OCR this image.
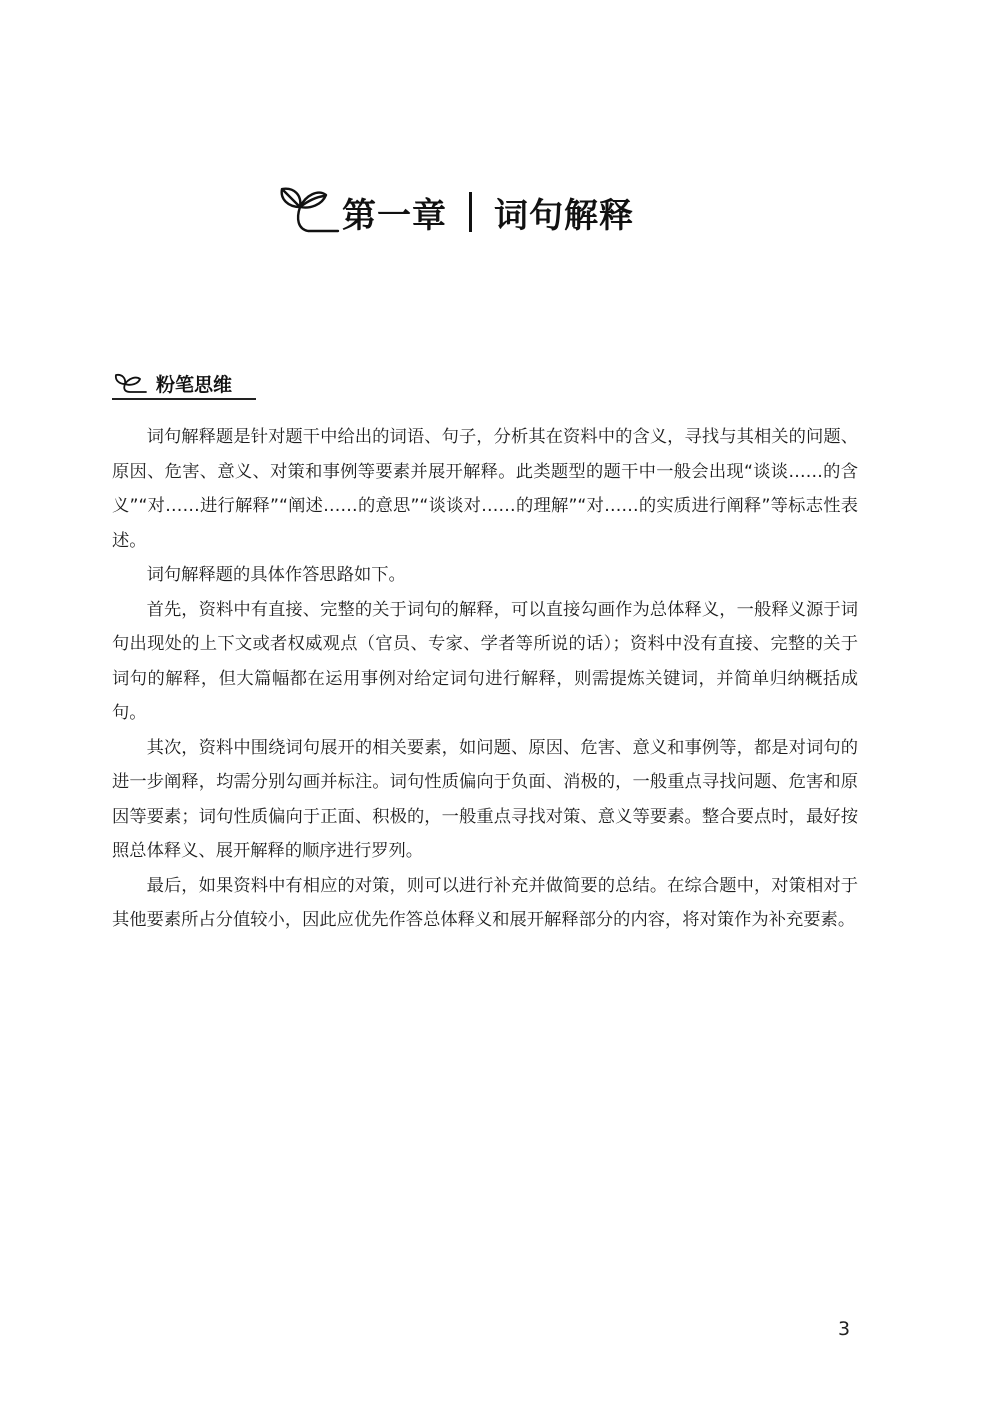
第一章 词句解释
粉笔思维

词句解释题是针对题干中给出的词语、句子，分析其在资料中的含义，寻找与其相关的问题、原因、危害、意义、对策和事例等要素并展开解释。此类题型的题干中一般会出现“谈谈……的含义”“对……进行解释”“阐述……的意思”“谈谈对……的理解”“对……的实质进行阐释”等标志性表述。

词句解释题的具体作答思路如下。

首先，资料中有直接、完整的关于词句的解释，可以直接勾画作为总体释义，一般释义源于词句出现处的上下文或者权威观点（官员、专家、学者等所说的话）；资料中没有直接、完整的关于词句的解释，但大篇幅都在运用事例对给定词句进行解释，则需提炼关键词，并简单归纳概括成句。

其次，资料中围绕词句展开的相关要素，如问题、原因、危害、意义和事例等，都是对词句的进一步阐释，均需分别勾画并标注。词句性质偏向于负面、消极的，一般重点寻找问题、危害和原因等要素；词句性质偏向于正面、积极的，一般重点寻找对策、意义等要素。整合要点时，最好按照总体释义、展开解释的顺序进行罗列。

最后，如果资料中有相应的对策，则可以进行补充并做简要的总结。在综合题中，对策相对于其他要素所占分值较小，因此应优先作答总体释义和展开解释部分的内容，将对策作为补充要素。

3
